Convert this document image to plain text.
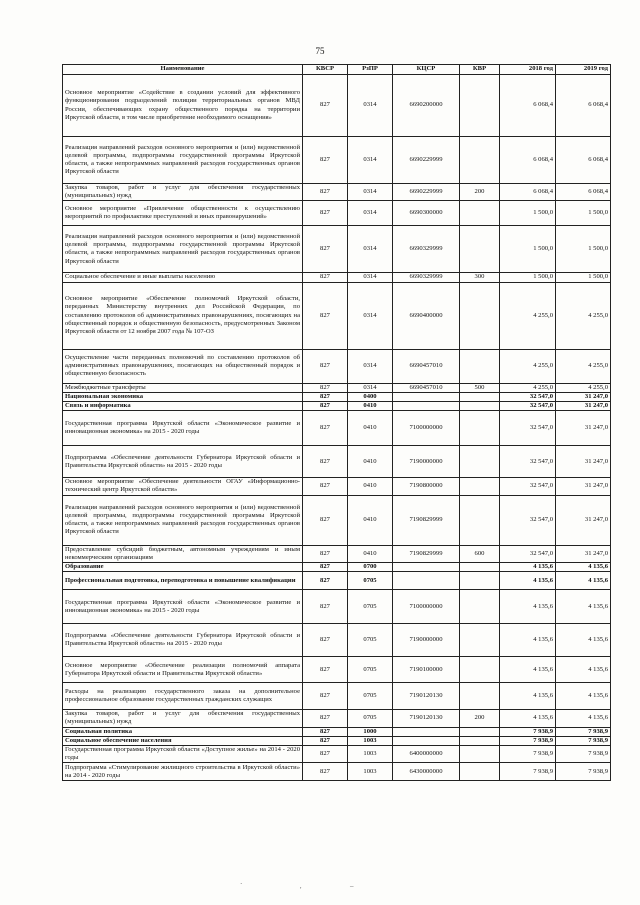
75
Наименование	КВСР	РзПР	КЦСР	КВР	2018 год	2019 год
Основное мероприятие «Содействие в создании условий для эффективного функционирования подразделений полиции территориальных органов МВД России, обеспечивающих охрану общественного порядка на территории Иркутской области, в том числе приобретение необходимого оснащения»	827	0314	6690200000		6 068,4	6 068,4
Реализация направлений расходов основного мероприятия и (или) ведомственной целевой программы, подпрограммы государственной программы Иркутской области, а также непрограммных направлений расходов государственных органов Иркутской области	827	0314	6690229999		6 068,4	6 068,4
Закупка товаров, работ и услуг для обеспечения государственных (муниципальных) нужд	827	0314	6690229999	200	6 068,4	6 068,4
Основное мероприятие «Привлечение общественности к осуществлению мероприятий по профилактике преступлений и иных правонарушений»	827	0314	6690300000		1 500,0	1 500,0
Реализация направлений расходов основного мероприятия и (или) ведомственной целевой программы, подпрограммы государственной программы Иркутской области, а также непрограммных направлений расходов государственных органов Иркутской области	827	0314	6690329999		1 500,0	1 500,0
Социальное обеспечение и иные выплаты населению	827	0314	6690329999	300	1 500,0	1 500,0
Основное мероприятие «Обеспечение полномочий Иркутской области, переданных Министерству внутренних дел Российской Федерации, по составлению протоколов об административных правонарушениях, посягающих на общественный порядок и общественную безопасность, предусмотренных Законом Иркутской области от 12 ноября 2007 года № 107-ОЗ	827	0314	6690400000		4 255,0	4 255,0
Осуществление части переданных полномочий по составлению протоколов об административных правонарушениях, посягающих на общественный порядок и общественную безопасность	827	0314	6690457010		4 255,0	4 255,0
Межбюджетные трансферты	827	0314	6690457010	500	4 255,0	4 255,0
Национальная экономика	827	0400			32 547,0	31 247,0
Связь и информатика	827	0410			32 547,0	31 247,0
Государственная программа Иркутской области «Экономическое развитие и инновационная экономика» на 2015 - 2020 годы	827	0410	7100000000		32 547,0	31 247,0
Подпрограмма «Обеспечение деятельности Губернатора Иркутской области и Правительства Иркутской области» на 2015 - 2020 годы	827	0410	7190000000		32 547,0	31 247,0
Основное мероприятие «Обеспечение деятельности ОГАУ «Информационно-технический центр Иркутской области»	827	0410	7190800000		32 547,0	31 247,0
Реализация направлений расходов основного мероприятия и (или) ведомственной целевой программы, подпрограммы государственной программы Иркутской области, а также непрограммных направлений расходов государственных органов Иркутской области	827	0410	7190829999		32 547,0	31 247,0
Предоставление субсидий бюджетным, автономным учреждениям и иным некоммерческим организациям	827	0410	7190829999	600	32 547,0	31 247,0
Образование	827	0700			4 135,6	4 135,6
Профессиональная подготовка, переподготовка и повышение квалификации	827	0705			4 135,6	4 135,6
Государственная программа Иркутской области «Экономическое развитие и инновационная экономика» на 2015 - 2020 годы	827	0705	7100000000		4 135,6	4 135,6
Подпрограмма «Обеспечение деятельности Губернатора Иркутской области и Правительства Иркутской области» на 2015 - 2020 годы	827	0705	7190000000		4 135,6	4 135,6
Основное мероприятие «Обеспечение реализации полномочий аппарата Губернатора Иркутской области и Правительства Иркутской области»	827	0705	7190100000		4 135,6	4 135,6
Расходы на реализацию государственного заказа на дополнительное профессиональное образование государственных гражданских служащих	827	0705	7190120130		4 135,6	4 135,6
Закупка товаров, работ и услуг для обеспечения государственных (муниципальных) нужд	827	0705	7190120130	200	4 135,6	4 135,6
Социальная политика	827	1000			7 938,9	7 938,9
Социальное обеспечение населения	827	1003			7 938,9	7 938,9
Государственная программа Иркутской области «Доступное жилье» на 2014 - 2020 годы	827	1003	6400000000		7 938,9	7 938,9
Подпрограмма «Стимулирование жилищного строительства в Иркутской области» на 2014 - 2020 годы	827	1003	6430000000		7 938,9	7 938,9
·
′	–
